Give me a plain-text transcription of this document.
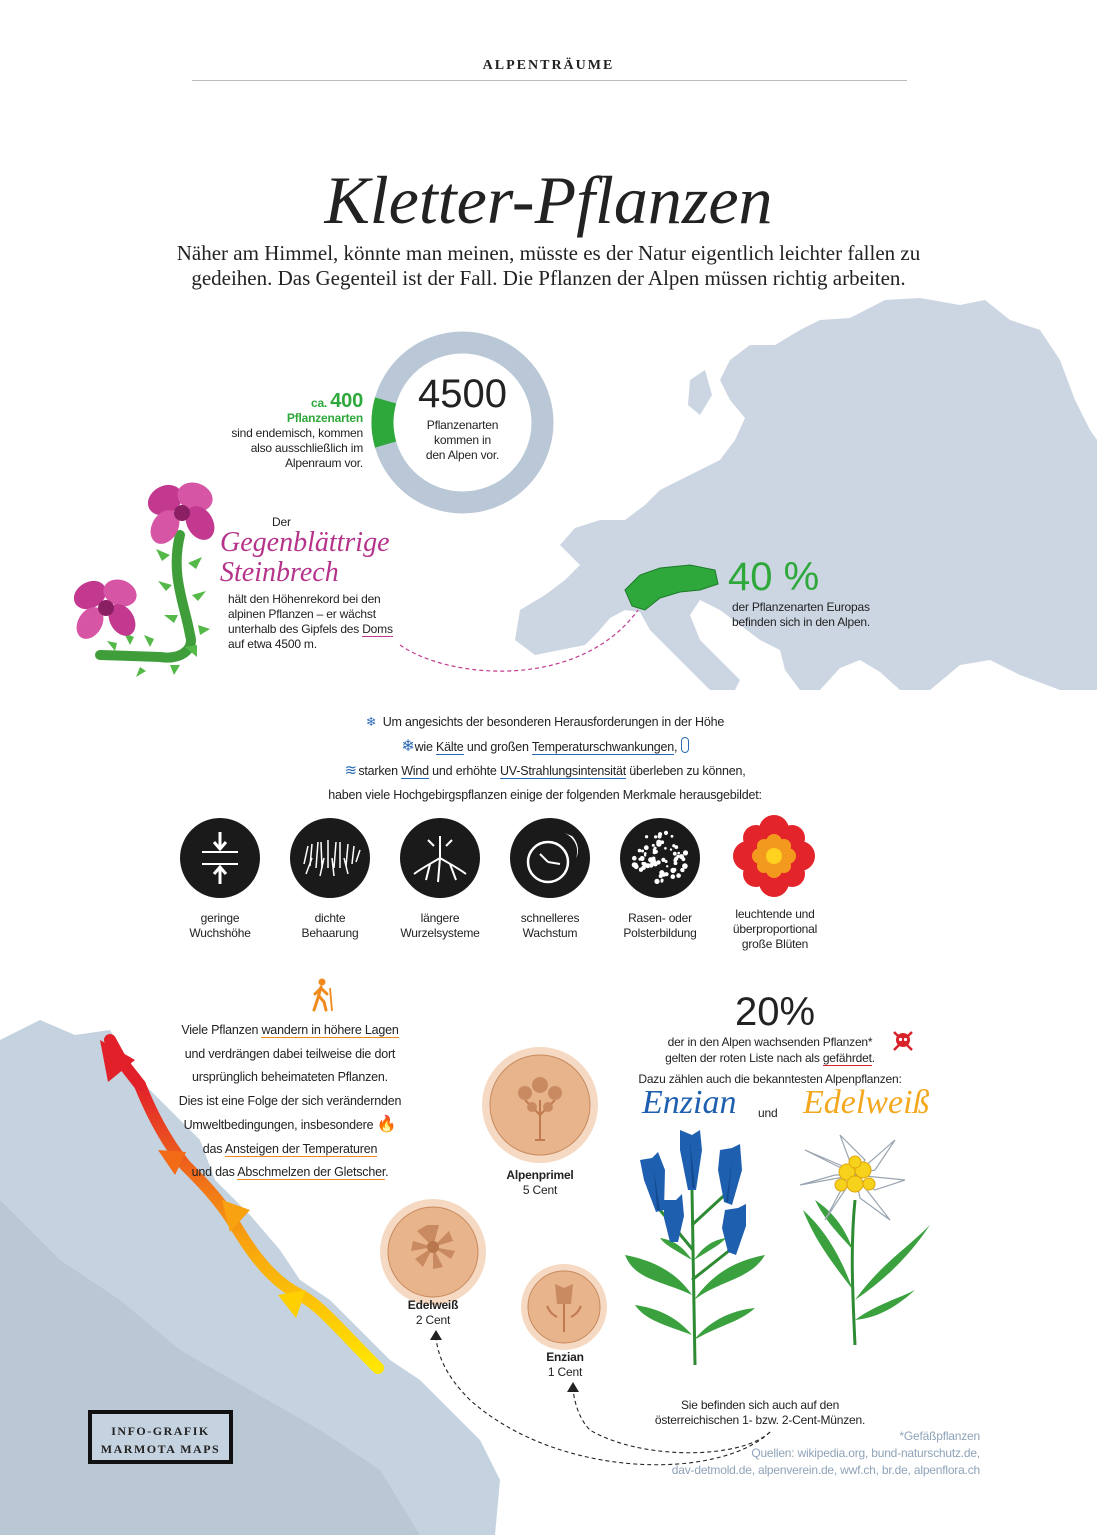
ALPENTRÄUME
Kletter-Pflanzen
Näher am Himmel, könnte man meinen, müsste es der Natur eigentlich leichter fallen zu
gedeihen. Das Gegenteil ist der Fall. Die Pflanzen der Alpen müssen richtig arbeiten.
4500
Pflanzenarten
kommen in
den Alpen vor.
ca. 400
Pflanzenarten
sind endemisch, kommen
also ausschließlich im
Alpenraum vor.
Der
Gegenblättrige
Steinbrech
hält den Höhenrekord bei den
alpinen Pflanzen – er wächst
unterhalb des Gipfels des Doms
auf etwa 4500 m.
40 %
der Pflanzenarten Europas
befinden sich in den Alpen.
❄ Um angesichts der besonderen Herausforderungen in der Höhe
❄wie Kälte und großen Temperaturschwankungen,
≋ starken Wind und erhöhte UV-Strahlungsintensität überleben zu können,
haben viele Hochgebirgspflanzen einige der folgenden Merkmale herausgebildet:
geringe
Wuchshöhe
dichte
Behaarung
längere
Wurzelsysteme
schnelleres
Wachstum
Rasen- oder
Polsterbildung
leuchtende und
überproportional
große Blüten
Viele Pflanzen wandern in höhere Lagen
und verdrängen dabei teilweise die dort
ursprünglich beheimateten Pflanzen.
Dies ist eine Folge der sich verändernden
Umweltbedingungen, insbesondere 🔥
das Ansteigen der Temperaturen
und das Abschmelzen der Gletscher.
20%
der in den Alpen wachsenden Pflanzen*
gelten der roten Liste nach als gefährdet.
Dazu zählen auch die bekanntesten Alpenpflanzen:
Enzian und Edelweiß
Alpenprimel
5 Cent
Edelweiß
2 Cent
Enzian
1 Cent
Sie befinden sich auch auf den
österreichischen 1- bzw. 2-Cent-Münzen.
INFO-GRAFIK
MARMOTA MAPS
*Gefäßpflanzen
Quellen: wikipedia.org, bund-naturschutz.de,
dav-detmold.de, alpenverein.de, wwf.ch, br.de, alpenflora.ch
